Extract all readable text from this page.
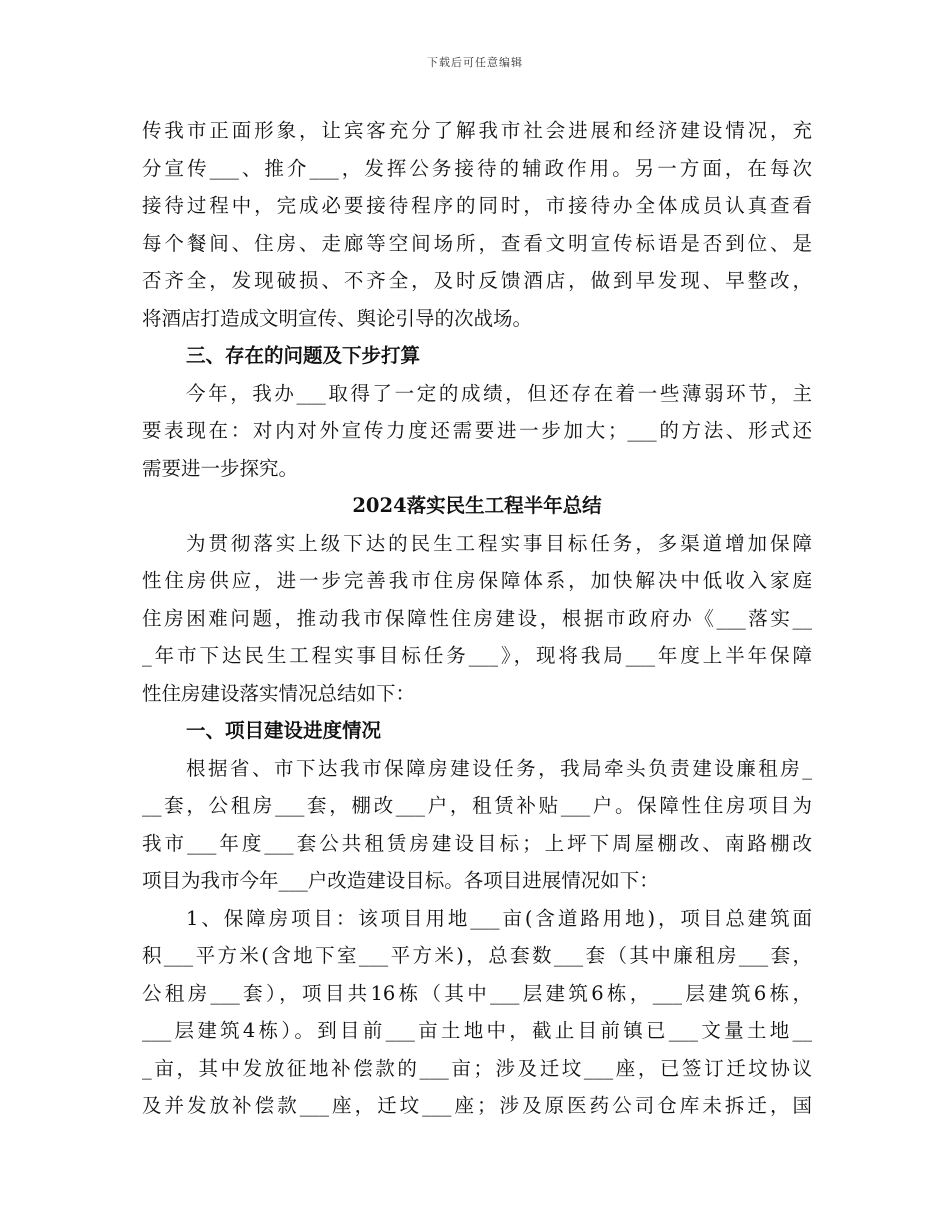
下载后可任意编辑
传我市正面形象，让宾客充分了解我市社会进展和经济建设情况，充
分宣传___、推介___，发挥公务接待的辅政作用。另一方面，在每次
接待过程中，完成必要接待程序的同时，市接待办全体成员认真查看
每个餐间、住房、走廊等空间场所，查看文明宣传标语是否到位、是
否齐全，发现破损、不齐全，及时反馈酒店，做到早发现、早整改，
将酒店打造成文明宣传、舆论引导的次战场。
三、存在的问题及下步打算
今年，我办___取得了一定的成绩，但还存在着一些薄弱环节，主
要表现在：对内对外宣传力度还需要进一步加大；___的方法、形式还
需要进一步探究。
2024落实民生工程半年总结
为贯彻落实上级下达的民生工程实事目标任务，多渠道增加保障
性住房供应，进一步完善我市住房保障体系，加快解决中低收入家庭
住房困难问题，推动我市保障性住房建设，根据市政府办《___落实__
_年市下达民生工程实事目标任务___》，现将我局___年度上半年保障
性住房建设落实情况总结如下：
一、项目建设进度情况
根据省、市下达我市保障房建设任务，我局牵头负责建设廉租房_
__套，公租房___套，棚改___户，租赁补贴___户。保障性住房项目为
我市___年度___套公共租赁房建设目标；上坪下周屋棚改、南路棚改
项目为我市今年___户改造建设目标。各项目进展情况如下：
1、保障房项目：该项目用地___亩(含道路用地)，项目总建筑面
积___平方米(含地下室___平方米)，总套数___套（其中廉租房___套，
公租房___套），项目共16栋（其中___层建筑6栋，___层建筑6栋，
___层建筑4栋）。到目前___亩土地中，截止目前镇已___文量土地__
_亩，其中发放征地补偿款的___亩；涉及迁坟___座，已签订迁坟协议
及并发放补偿款___座，迁坟___座；涉及原医药公司仓库未拆迁，国
